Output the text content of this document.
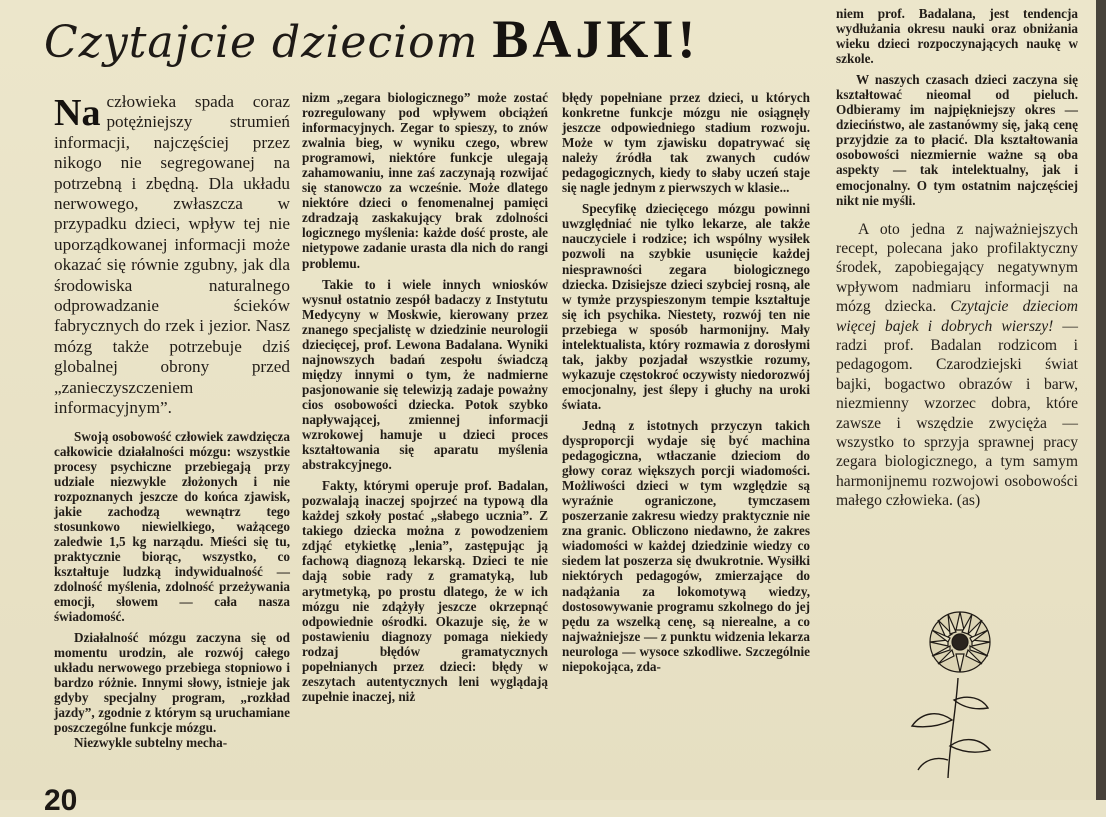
Czytajcie dzieciom BAJKI!
Na człowieka spada coraz potężniejszy strumień informacji, najczęściej przez nikogo nie segregowanej na potrzebną i zbędną. Dla układu nerwowego, zwłaszcza w przypadku dzieci, wpływ tej nie uporządkowanej informacji może okazać się równie zgubny, jak dla środowiska naturalnego odprowadzanie ścieków fabrycznych do rzek i jezior. Nasz mózg także potrzebuje dziś globalnej obrony przed „zanieczyszczeniem informacyjnym”.

Swoją osobowość człowiek zawdzięcza całkowicie działalności mózgu: wszystkie procesy psychiczne przebiegają przy udziale niezwykle złożonych i nie rozpoznanych jeszcze do końca zjawisk, jakie zachodzą wewnątrz tego stosunkowo niewielkiego, ważącego zaledwie 1,5 kg narządu. Mieści się tu, praktycznie biorąc, wszystko, co kształtuje ludzką indywidualność — zdolność myślenia, zdolność przeżywania emocji, słowem — cała nasza świadomość.

Działalność mózgu zaczyna się od momentu urodzin, ale rozwój całego układu nerwowego przebiega stopniowo i bardzo różnie. Innymi słowy, istnieje jak gdyby specjalny program, „rozkład jazdy”, zgodnie z którym są uruchamiane poszczególne funkcje mózgu.

Niezwykle subtelny mecha-

nizm „zegara biologicznego” może zostać rozregulowany pod wpływem obciążeń informacyjnych. Zegar to spieszy, to znów zwalnia bieg, w wyniku czego, wbrew programowi, niektóre funkcje ulegają zahamowaniu, inne zaś zaczynają rozwijać się stanowczo za wcześnie. Może dlatego niektóre dzieci o fenomenalnej pamięci zdradzają zaskakujący brak zdolności logicznego myślenia: każde dość proste, ale nietypowe zadanie urasta dla nich do rangi problemu.

Takie to i wiele innych wniosków wysnuł ostatnio zespół badaczy z Instytutu Medycyny w Moskwie, kierowany przez znanego specjalistę w dziedzinie neurologii dziecięcej, prof. Lewona Badalana. Wyniki najnowszych badań zespołu świadczą między innymi o tym, że nadmierne pasjonowanie się telewizją zadaje poważny cios osobowości dziecka. Potok szybko napływającej, zmiennej informacji wzrokowej hamuje u dzieci proces kształtowania się aparatu myślenia abstrakcyjnego.

Fakty, którymi operuje prof. Badalan, pozwalają inaczej spojrzeć na typową dla każdej szkoły postać „słabego ucznia”. Z takiego dziecka można z powodzeniem zdjąć etykietkę „lenia”, zastępując ją fachową diagnozą lekarską. Dzieci te nie dają sobie rady z gramatyką, lub arytmetyką, po prostu dlatego, że w ich mózgu nie zdążyły jeszcze okrzepnąć odpowiednie ośrodki. Okazuje się, że w postawieniu diagnozy pomaga niekiedy rodzaj błędów gramatycznych popełnianych przez dzieci: błędy w zeszytach autentycznych leni wyglądają zupełnie inaczej, niż

błędy popełniane przez dzieci, u których konkretne funkcje mózgu nie osiągnęły jeszcze odpowiedniego stadium rozwoju. Może w tym zjawisku dopatrywać się należy źródła tak zwanych cudów pedagogicznych, kiedy to słaby uczeń staje się nagle jednym z pierwszych w klasie...

Specyfikę dziecięcego mózgu powinni uwzględniać nie tylko lekarze, ale także nauczyciele i rodzice; ich wspólny wysiłek pozwoli na szybkie usunięcie każdej niesprawności zegara biologicznego dziecka. Dzisiejsze dzieci szybciej rosną, ale w tymże przyspieszonym tempie kształtuje się ich psychika. Niestety, rozwój ten nie przebiega w sposób harmonijny. Mały intelektualista, który rozmawia z dorosłymi tak, jakby pozjadał wszystkie rozumy, wykazuje częstokroć oczywisty niedorozwój emocjonalny, jest ślepy i głuchy na uroki świata.

Jedną z istotnych przyczyn takich dysproporcji wydaje się być machina pedagogiczna, wtłaczanie dzieciom do głowy coraz większych porcji wiadomości. Możliwości dzieci w tym względzie są wyraźnie ograniczone, tymczasem poszerzanie zakresu wiedzy praktycznie nie zna granic. Obliczono niedawno, że zakres wiadomości w każdej dziedzinie wiedzy co siedem lat poszerza się dwukrotnie. Wysiłki niektórych pedagogów, zmierzające do nadążania za lokomotywą wiedzy, dostosowywanie programu szkolnego do jej pędu za wszelką cenę, są nierealne, a co najważniejsze — z punktu widzenia lekarza neurologa — wysoce szkodliwe. Szczególnie niepokojąca, zda-

niem prof. Badalana, jest tendencja wydłużania okresu nauki oraz obniżania wieku dzieci rozpoczynających naukę w szkole.

W naszych czasach dzieci zaczyna się kształtować nieomal od pieluch. Odbieramy im najpiękniejszy okres — dzieciństwo, ale zastanówmy się, jaką cenę przyjdzie za to płacić. Dla kształtowania osobowości niezmiernie ważne są oba aspekty — tak intelektualny, jak i emocjonalny. O tym ostatnim najczęściej nikt nie myśli.

A oto jedna z najważniejszych recept, polecana jako profilaktyczny środek, zapobiegający negatywnym wpływom nadmiaru informacji na mózg dziecka. Czytajcie dzieciom więcej bajek i dobrych wierszy! — radzi prof. Badalan rodzicom i pedagogom. Czarodziejski świat bajki, bogactwo obrazów i barw, niezmienny wzorzec dobra, które zawsze i wszędzie zwycięża — wszystko to sprzyja sprawnej pracy zegara biologicznego, a tym samym harmonijnemu rozwojowi osobowości małego człowieka. (as)

20
